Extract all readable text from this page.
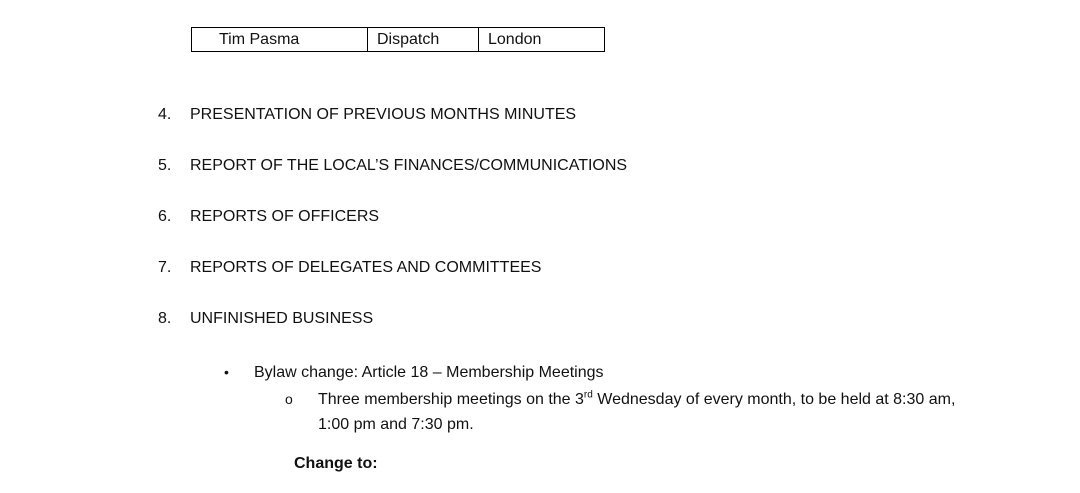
Tim Pasma	Dispatch	London
4. PRESENTATION OF PREVIOUS MONTHS MINUTES
5. REPORT OF THE LOCAL’S FINANCES/COMMUNICATIONS
6. REPORTS OF OFFICERS
7. REPORTS OF DELEGATES AND COMMITTEES
8. UNFINISHED BUSINESS
• Bylaw change: Article 18 – Membership Meetings
o Three membership meetings on the 3rd Wednesday of every month, to be held at 8:30 am, 1:00 pm and 7:30 pm.
Change to:
